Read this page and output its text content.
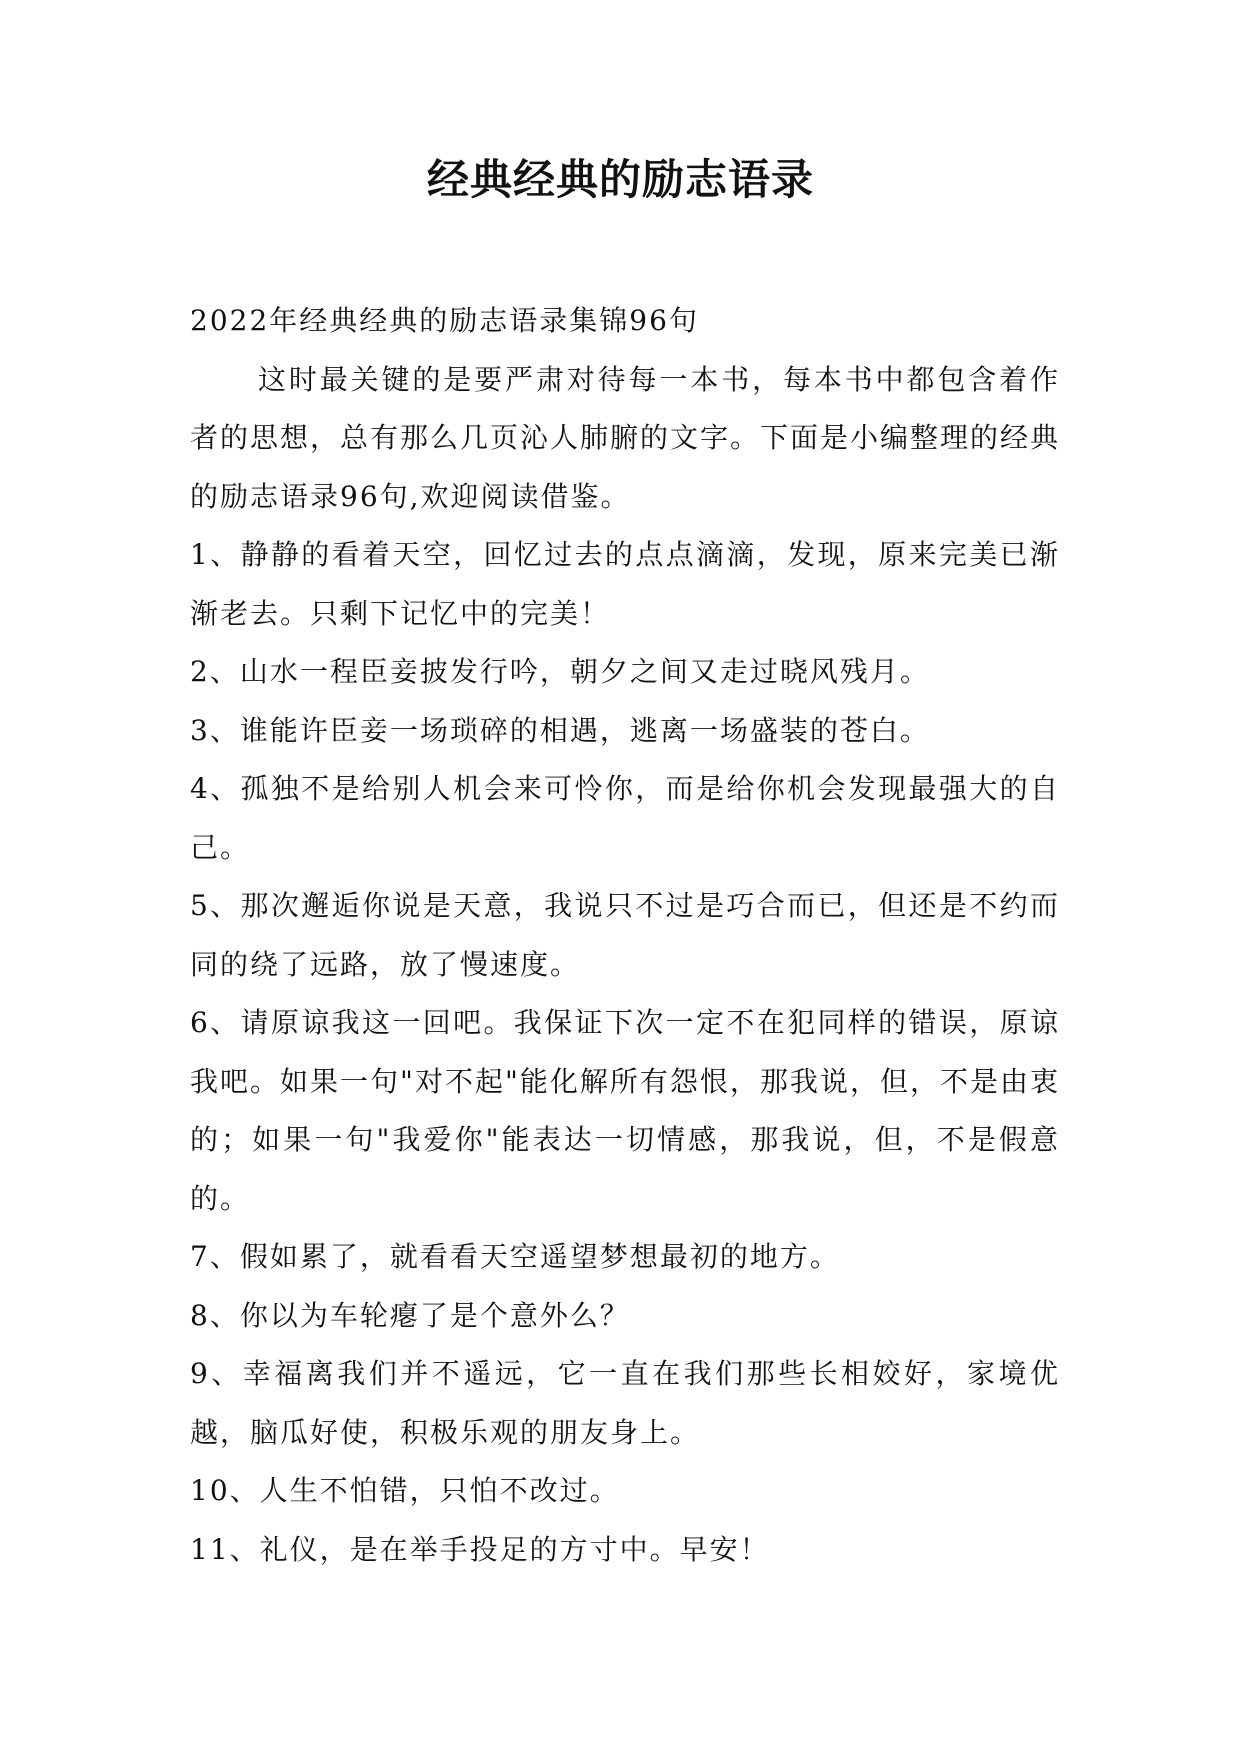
经典经典的励志语录

2022年经典经典的励志语录集锦96句

这时最关键的是要严肃对待每一本书，每本书中都包含着作者的思想，总有那么几页沁人肺腑的文字。下面是小编整理的经典的励志语录96句,欢迎阅读借鉴。

1、静静的看着天空，回忆过去的点点滴滴，发现，原来完美已渐渐老去。只剩下记忆中的完美！

2、山水一程臣妾披发行吟，朝夕之间又走过晓风残月。

3、谁能许臣妾一场琐碎的相遇，逃离一场盛装的苍白。

4、孤独不是给别人机会来可怜你，而是给你机会发现最强大的自己。

5、那次邂逅你说是天意，我说只不过是巧合而已，但还是不约而同的绕了远路，放了慢速度。

6、请原谅我这一回吧。我保证下次一定不在犯同样的错误，原谅我吧。如果一句"对不起"能化解所有怨恨，那我说，但，不是由衷的；如果一句"我爱你"能表达一切情感，那我说，但，不是假意的。

7、假如累了，就看看天空遥望梦想最初的地方。

8、你以为车轮瘪了是个意外么？

9、幸福离我们并不遥远，它一直在我们那些长相姣好，家境优越，脑瓜好使，积极乐观的朋友身上。

10、人生不怕错，只怕不改过。

11、礼仪，是在举手投足的方寸中。早安！
